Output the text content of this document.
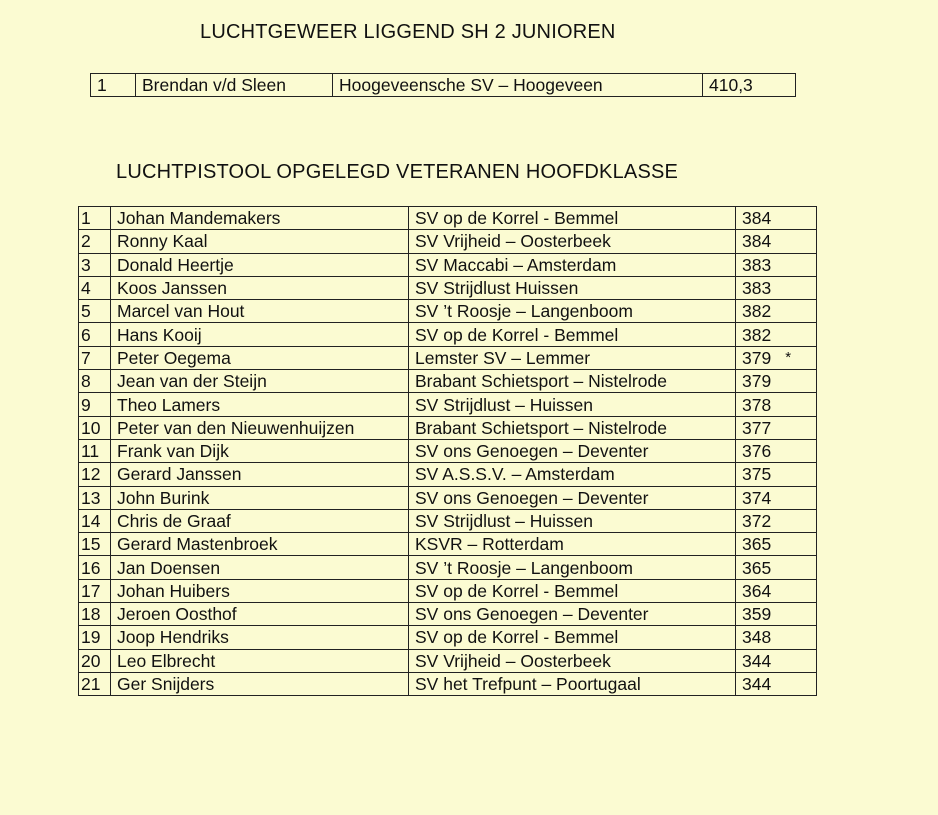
LUCHTGEWEER LIGGEND SH 2 JUNIOREN
1	Brendan v/d Sleen	Hoogeveensche SV – Hoogeveen	410,3
LUCHTPISTOOL OPGELEGD VETERANEN HOOFDKLASSE
1	Johan Mandemakers	SV op de Korrel - Bemmel	384
2	Ronny Kaal	SV Vrijheid – Oosterbeek	384
3	Donald Heertje	SV Maccabi – Amsterdam	383
4	Koos Janssen	SV Strijdlust Huissen	383
5	Marcel van Hout	SV ’t Roosje – Langenboom	382
6	Hans Kooij	SV op de Korrel - Bemmel	382
7	Peter Oegema	Lemster SV – Lemmer	379 *
8	Jean van der Steijn	Brabant Schietsport – Nistelrode	379
9	Theo Lamers	SV Strijdlust – Huissen	378
10	Peter van den Nieuwenhuijzen	Brabant Schietsport – Nistelrode	377
11	Frank van Dijk	SV ons Genoegen – Deventer	376
12	Gerard Janssen	SV A.S.S.V. – Amsterdam	375
13	John Burink	SV ons Genoegen – Deventer	374
14	Chris de Graaf	SV Strijdlust – Huissen	372
15	Gerard Mastenbroek	KSVR – Rotterdam	365
16	Jan Doensen	SV ’t Roosje – Langenboom	365
17	Johan Huibers	SV op de Korrel - Bemmel	364
18	Jeroen Oosthof	SV ons Genoegen – Deventer	359
19	Joop Hendriks	SV op de Korrel - Bemmel	348
20	Leo Elbrecht	SV Vrijheid – Oosterbeek	344
21	Ger Snijders	SV het Trefpunt – Poortugaal	344
